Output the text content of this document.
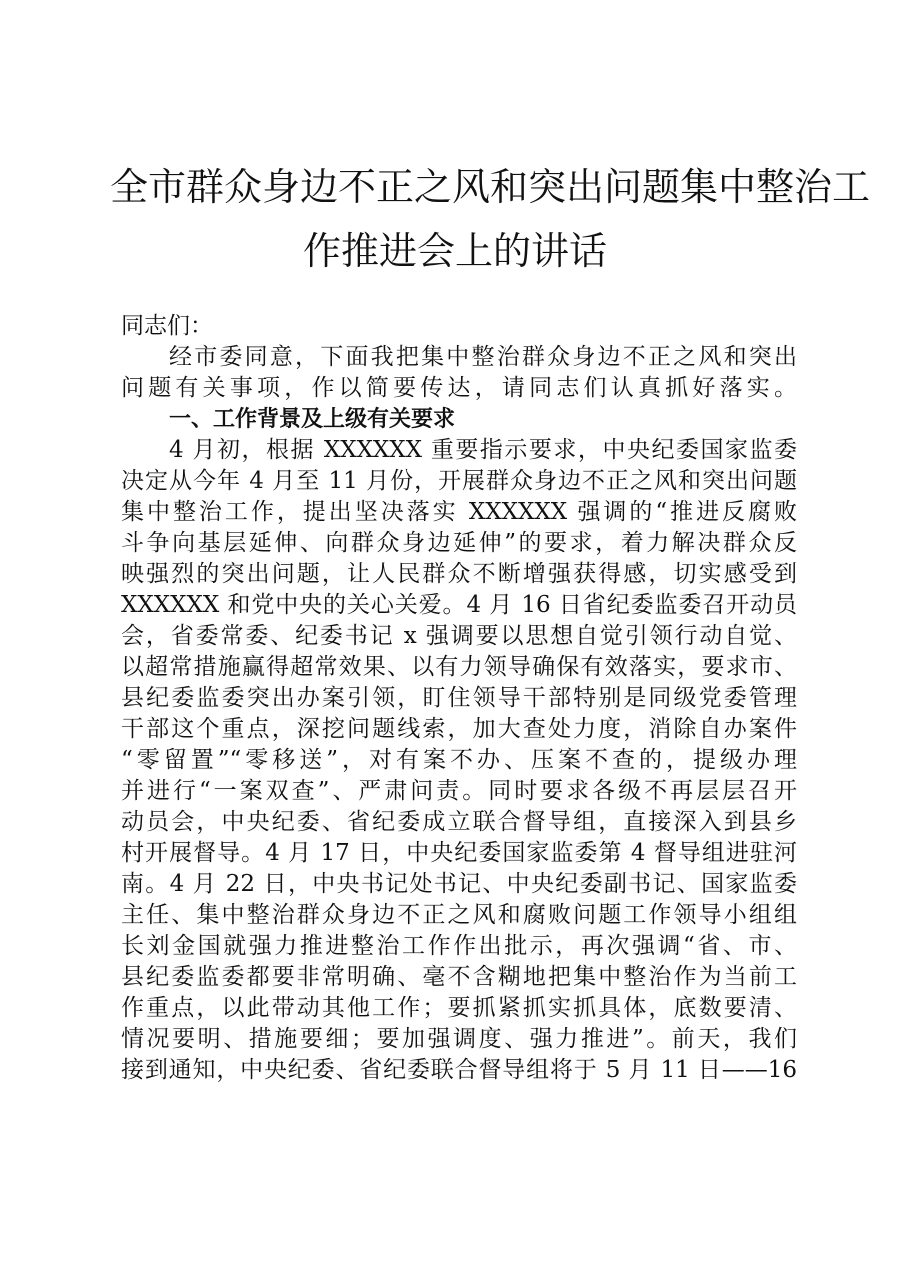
全市群众身边不正之风和突出问题集中整治工
作推进会上的讲话
同志们：
经市委同意，下面我把集中整治群众身边不正之风和突出
问题有关事项，作以简要传达，请同志们认真抓好落实。
一、工作背景及上级有关要求
4 月初，根据 XXXXXX 重要指示要求，中央纪委国家监委
决定从今年 4 月至 11 月份，开展群众身边不正之风和突出问题
集中整治工作，提出坚决落实 XXXXXX 强调的“推进反腐败
斗争向基层延伸、向群众身边延伸”的要求，着力解决群众反
映强烈的突出问题，让人民群众不断增强获得感，切实感受到
XXXXXX 和党中央的关心关爱。4 月 16 日省纪委监委召开动员
会，省委常委、纪委书记 x 强调要以思想自觉引领行动自觉、
以超常措施赢得超常效果、以有力领导确保有效落实，要求市、
县纪委监委突出办案引领，盯住领导干部特别是同级党委管理
干部这个重点，深挖问题线索，加大查处力度，消除自办案件
“零留置”“零移送”，对有案不办、压案不查的，提级办理
并进行“一案双查”、严肃问责。同时要求各级不再层层召开
动员会，中央纪委、省纪委成立联合督导组，直接深入到县乡
村开展督导。4 月 17 日，中央纪委国家监委第 4 督导组进驻河
南。4 月 22 日，中央书记处书记、中央纪委副书记、国家监委
主任、集中整治群众身边不正之风和腐败问题工作领导小组组
长刘金国就强力推进整治工作作出批示，再次强调“省、市、
县纪委监委都要非常明确、毫不含糊地把集中整治作为当前工
作重点，以此带动其他工作；要抓紧抓实抓具体，底数要清、
情况要明、措施要细；要加强调度、强力推进”。前天，我们
接到通知，中央纪委、省纪委联合督导组将于 5 月 11 日——16
